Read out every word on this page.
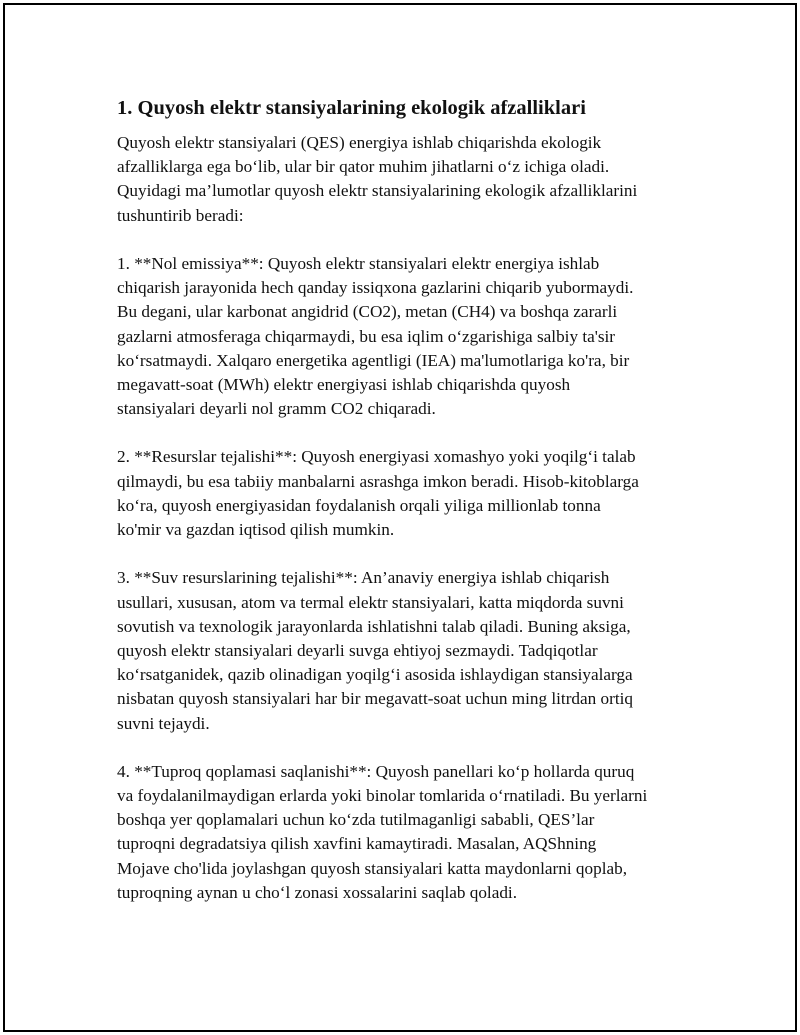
1. Quyosh elektr stansiyalarining ekologik afzalliklari
Quyosh elektr stansiyalari (QES) energiya ishlab chiqarishda ekologik
afzalliklarga ega bo‘lib, ular bir qator muhim jihatlarni o‘z ichiga oladi.
Quyidagi ma’lumotlar quyosh elektr stansiyalarining ekologik afzalliklarini
tushuntirib beradi:
1. **Nol emissiya**: Quyosh elektr stansiyalari elektr energiya ishlab
chiqarish jarayonida hech qanday issiqxona gazlarini chiqarib yubormaydi.
Bu degani, ular karbonat angidrid (CO2), metan (CH4) va boshqa zararli
gazlarni atmosferaga chiqarmaydi, bu esa iqlim o‘zgarishiga salbiy ta'sir
ko‘rsatmaydi. Xalqaro energetika agentligi (IEA) ma'lumotlariga ko'ra, bir
megavatt-soat (MWh) elektr energiyasi ishlab chiqarishda quyosh
stansiyalari deyarli nol gramm CO2 chiqaradi.
2. **Resurslar tejalishi**: Quyosh energiyasi xomashyo yoki yoqilg‘i talab
qilmaydi, bu esa tabiiy manbalarni asrashga imkon beradi. Hisob-kitoblarga
ko‘ra, quyosh energiyasidan foydalanish orqali yiliga millionlab tonna
ko'mir va gazdan iqtisod qilish mumkin.
3. **Suv resurslarining tejalishi**: An’anaviy energiya ishlab chiqarish
usullari, xususan, atom va termal elektr stansiyalari, katta miqdorda suvni
sovutish va texnologik jarayonlarda ishlatishni talab qiladi. Buning aksiga,
quyosh elektr stansiyalari deyarli suvga ehtiyoj sezmaydi. Tadqiqotlar
ko‘rsatganidek, qazib olinadigan yoqilg‘i asosida ishlaydigan stansiyalarga
nisbatan quyosh stansiyalari har bir megavatt-soat uchun ming litrdan ortiq
suvni tejaydi.
4. **Tuproq qoplamasi saqlanishi**: Quyosh panellari ko‘p hollarda quruq
va foydalanilmaydigan erlarda yoki binolar tomlarida o‘rnatiladi. Bu yerlarni
boshqa yer qoplamalari uchun ko‘zda tutilmaganligi sababli, QES’lar
tuproqni degradatsiya qilish xavfini kamaytiradi. Masalan, AQShning
Mojave cho'lida joylashgan quyosh stansiyalari katta maydonlarni qoplab,
tuproqning aynan u cho‘l zonasi xossalarini saqlab qoladi.
